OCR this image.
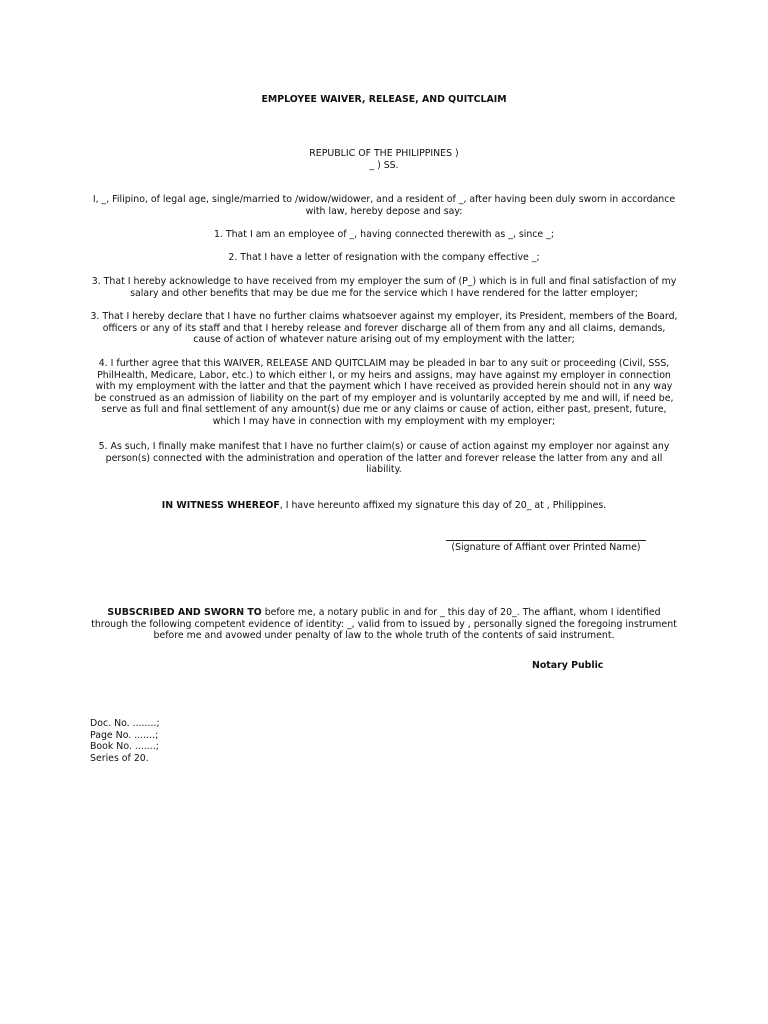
EMPLOYEE WAIVER, RELEASE, AND QUITCLAIM
REPUBLIC OF THE PHILIPPINES )
_ ) SS.
I, _, Filipino, of legal age, single/married to /widow/widower, and a resident of _, after having been duly sworn in accordance with law, hereby depose and say:
1. That I am an employee of _, having connected therewith as _, since _;
2. That I have a letter of resignation with the company effective _;
3. That I hereby acknowledge to have received from my employer the sum of (P_) which is in full and final satisfaction of my salary and other benefits that may be due me for the service which I have rendered for the latter employer;
3. That I hereby declare that I have no further claims whatsoever against my employer, its President, members of the Board, officers or any of its staff and that I hereby release and forever discharge all of them from any and all claims, demands, cause of action of whatever nature arising out of my employment with the latter;
4. I further agree that this WAIVER, RELEASE AND QUITCLAIM may be pleaded in bar to any suit or proceeding (Civil, SSS, PhilHealth, Medicare, Labor, etc.) to which either I, or my heirs and assigns, may have against my employer in connection with my employment with the latter and that the payment which I have received as provided herein should not in any way be construed as an admission of liability on the part of my employer and is voluntarily accepted by me and will, if need be, serve as full and final settlement of any amount(s) due me or any claims or cause of action, either past, present, future, which I may have in connection with my employment with my employer;
5. As such, I finally make manifest that I have no further claim(s) or cause of action against my employer nor against any person(s) connected with the administration and operation of the latter and forever release the latter from any and all liability.
IN WITNESS WHEREOF, I have hereunto affixed my signature this day of 20_ at , Philippines.
(Signature of Affiant over Printed Name)
SUBSCRIBED AND SWORN TO before me, a notary public in and for _ this day of 20_. The affiant, whom I identified through the following competent evidence of identity: _, valid from to issued by , personally signed the foregoing instrument before me and avowed under penalty of law to the whole truth of the contents of said instrument.
Notary Public
Doc. No. ........;
Page No. .......;
Book No. .......;
Series of 20.
